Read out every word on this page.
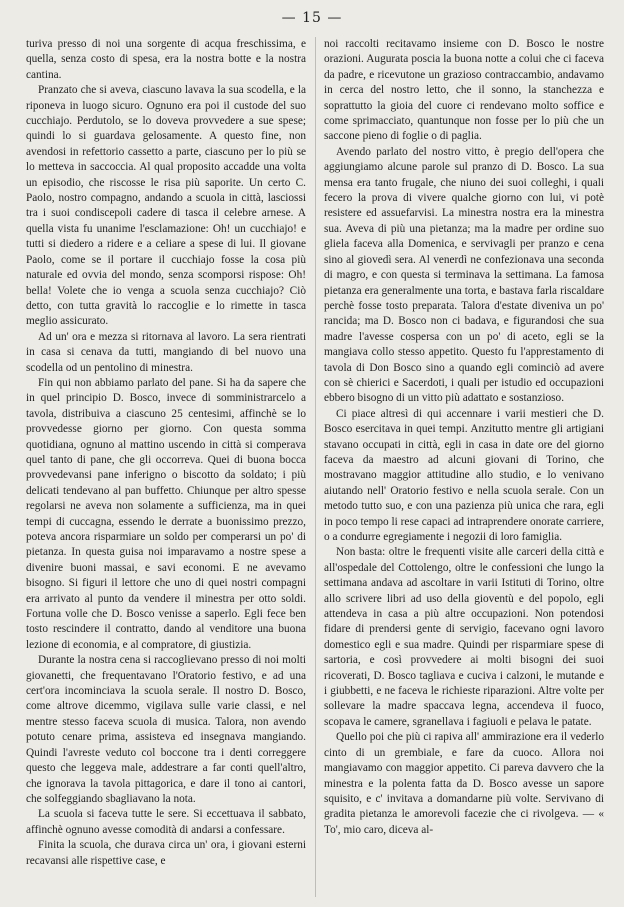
— 15 —

turiva presso di noi una sorgente di acqua freschissima, e quella, senza costo di spesa, era la nostra botte e la nostra cantina.

Pranzato che si aveva, ciascuno lavava la sua scodella, e la riponeva in luogo sicuro. Ognuno era poi il custode del suo cucchiajo. Perdutolo, se lo doveva provvedere a sue spese; quindi lo si guardava gelosamente. A questo fine, non avendosi in refettorio cassetto a parte, ciascuno per lo più se lo metteva in saccoccia. Al qual proposito accadde una volta un episodio, che riscosse le risa più saporite. Un certo C. Paolo, nostro compagno, andando a scuola in città, lasciossi tra i suoi condiscepoli cadere di tasca il celebre arnese. A quella vista fu unanime l'esclamazione: Oh! un cucchiajo! e tutti si diedero a ridere e a celiare a spese di lui. Il giovane Paolo, come se il portare il cucchiajo fosse la cosa più naturale ed ovvia del mondo, senza scomporsi rispose: Oh! bella! Volete che io venga a scuola senza cucchiajo? Ciò detto, con tutta gravità lo raccoglie e lo rimette in tasca meglio assicurato.

Ad un' ora e mezza si ritornava al lavoro. La sera rientrati in casa si cenava da tutti, mangiando di bel nuovo una scodella od un pentolino di minestra.

Fin qui non abbiamo parlato del pane. Si ha da sapere che in quel principio D. Bosco, invece di somministrarcelo a tavola, distribuiva a ciascuno 25 centesimi, affinchè se lo provvedesse giorno per giorno. Con questa somma quotidiana, ognuno al mattino uscendo in città si comperava quel tanto di pane, che gli occorreva. Quei di buona bocca provvedevansi pane inferigno o biscotto da soldato; i più delicati tendevano al pan buffetto. Chiunque per altro spesse regolarsi ne aveva non solamente a sufficienza, ma in quei tempi di cuccagna, essendo le derrate a buonissimo prezzo, poteva ancora risparmiare un soldo per comperarsi un po' di pietanza. In questa guisa noi imparavamo a nostre spese a divenire buoni massai, e savi economi. E ne avevamo bisogno. Si figuri il lettore che uno di quei nostri compagni era arrivato al punto da vendere il minestra per otto soldi. Fortuna volle che D. Bosco venisse a saperlo. Egli fece ben tosto rescindere il contratto, dando al venditore una buona lezione di economia, e al compratore, di giustizia.

Durante la nostra cena si raccoglievano presso di noi molti giovanetti, che frequentavano l'Oratorio festivo, e ad una cert'ora incominciava la scuola serale. Il nostro D. Bosco, come altrove dicemmo, vigilava sulle varie classi, e nel mentre stesso faceva scuola di musica. Talora, non avendo potuto cenare prima, assisteva ed insegnava mangiando. Quindi l'avreste veduto col boccone tra i denti correggere questo che leggeva male, addestrare a far conti quell'altro, che ignorava la tavola pittagorica, e dare il tono ai cantori, che solfeggiando sbagliavano la nota.

La scuola si faceva tutte le sere. Si eccettuava il sabbato, affinchè ognuno avesse comodità di andarsi a confessare.

Finita la scuola, che durava circa un' ora, i giovani esterni recavansi alle rispettive case, e

noi raccolti recitavamo insieme con D. Bosco le nostre orazioni. Augurata poscia la buona notte a colui che ci faceva da padre, e ricevutone un grazioso contraccambio, andavamo in cerca del nostro letto, che il sonno, la stanchezza e soprattutto la gioia del cuore ci rendevano molto soffice e come sprimacciato, quantunque non fosse per lo più che un saccone pieno di foglie o di paglia.

Avendo parlato del nostro vitto, è pregio dell'opera che aggiungiamo alcune parole sul pranzo di D. Bosco. La sua mensa era tanto frugale, che niuno dei suoi colleghi, i quali fecero la prova di vivere qualche giorno con lui, vi potè resistere ed assuefarvisi. La minestra nostra era la minestra sua. Aveva di più una pietanza; ma la madre per ordine suo gliela faceva alla Domenica, e servivagli per pranzo e cena sino al giovedì sera. Al venerdì ne confezionava una seconda di magro, e con questa si terminava la settimana. La famosa pietanza era generalmente una torta, e bastava farla riscaldare perchè fosse tosto preparata. Talora d'estate diveniva un po' rancida; ma D. Bosco non ci badava, e figurandosi che sua madre l'avesse cospersa con un po' di aceto, egli se la mangiava collo stesso appetito. Questo fu l'apprestamento di tavola di Don Bosco sino a quando egli cominciò ad avere con sè chierici e Sacerdoti, i quali per istudio ed occupazioni ebbero bisogno di un vitto più adattato e sostanzioso.

Ci piace altresì di qui accennare i varii mestieri che D. Bosco esercitava in quei tempi. Anzitutto mentre gli artigiani stavano occupati in città, egli in casa in date ore del giorno faceva da maestro ad alcuni giovani di Torino, che mostravano maggior attitudine allo studio, e lo venivano aiutando nell' Oratorio festivo e nella scuola serale. Con un metodo tutto suo, e con una pazienza più unica che rara, egli in poco tempo li rese capaci ad intraprendere onorate carriere, o a condurre egregiamente i negozii di loro famiglia.

Non basta: oltre le frequenti visite alle carceri della città e all'ospedale del Cottolengo, oltre le confessioni che lungo la settimana andava ad ascoltare in varii Istituti di Torino, oltre allo scrivere libri ad uso della gioventù e del popolo, egli attendeva in casa a più altre occupazioni. Non potendosi fidare di prendersi gente di servigio, facevano ogni lavoro domestico egli e sua madre. Quindi per risparmiare spese di sartoria, e così provvedere ai molti bisogni dei suoi ricoverati, D. Bosco tagliava e cuciva i calzoni, le mutande e i giubbetti, e ne faceva le richieste riparazioni. Altre volte per sollevare la madre spaccava legna, accendeva il fuoco, scopava le camere, sgranellava i fagiuoli e pelava le patate.

Quello poi che più ci rapiva all' ammirazione era il vederlo cinto di un grembiale, e fare da cuoco. Allora noi mangiavamo con maggior appetito. Ci pareva davvero che la minestra e la polenta fatta da D. Bosco avesse un sapore squisito, e c' invitava a domandarne più volte. Servivano di gradita pietanza le amorevoli facezie che ci rivolgeva. — « To', mio caro, diceva al-
